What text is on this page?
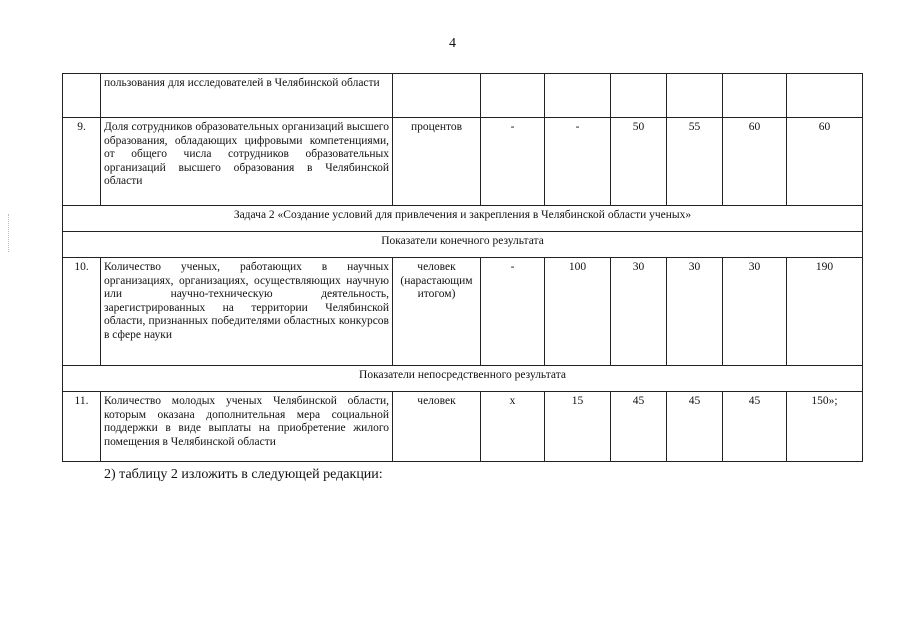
4
	пользования для исследователей в Челябинской области							
9.	Доля сотрудников образовательных организаций высшего образования, обладающих цифровыми компетенциями, от общего числа сотрудников образовательных организаций высшего образования в Челябинской области	процентов	-	-	50	55	60	60
Задача 2 «Создание условий для привлечения и закрепления в Челябинской области ученых»								
Показатели конечного результата								
10.	Количество ученых, работающих в научных организациях, организациях, осуществляющих научную или научно-техническую деятельность, зарегистрированных на территории Челябинской области, признанных победителями областных конкурсов в сфере науки	человек (нарастающим итогом)	-	100	30	30	30	190
Показатели непосредственного результата								
11.	Количество молодых ученых Челябинской области, которым оказана дополнительная мера социальной поддержки в виде выплаты на приобретение жилого помещения в Челябинской области	человек	x	15	45	45	45	150»;
2) таблицу 2 изложить в следующей редакции:
